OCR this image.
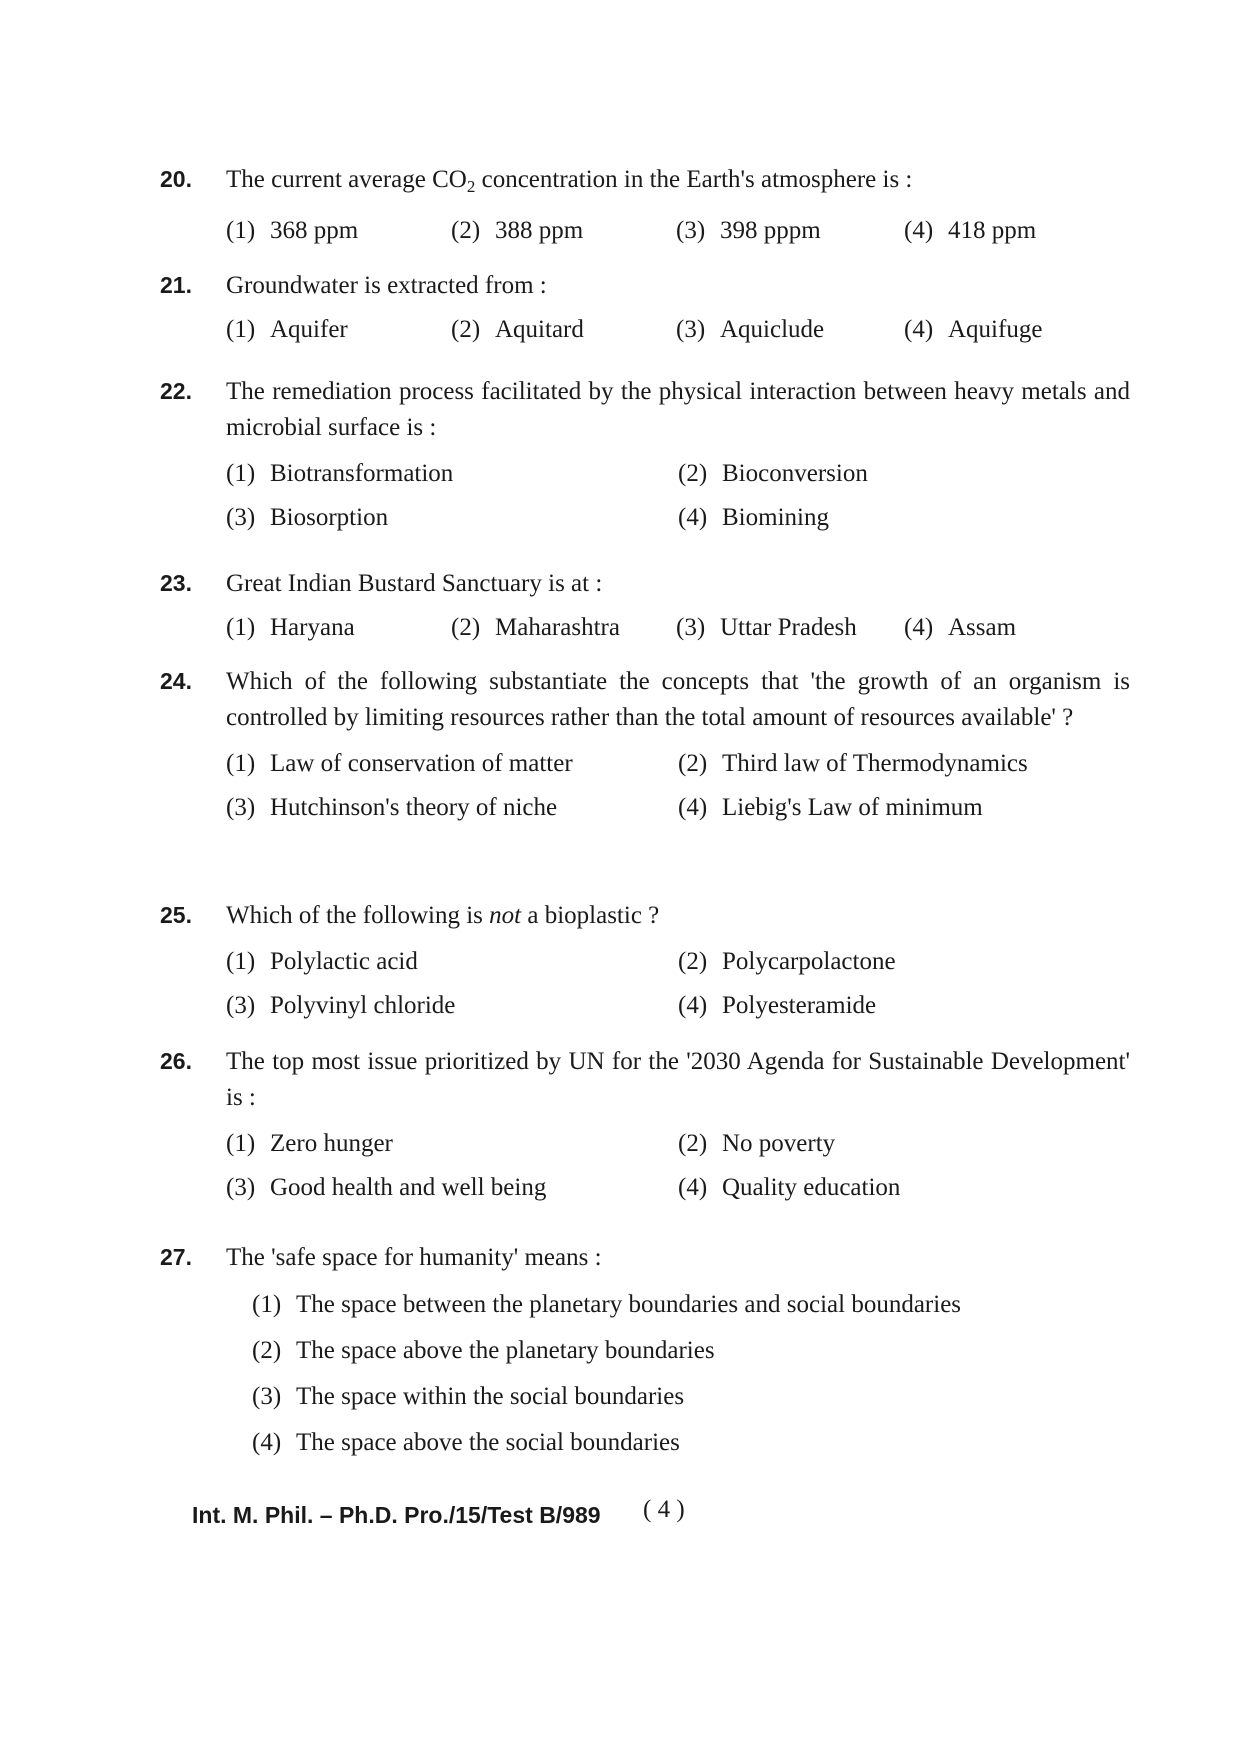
20. The current average $CO_2$ concentration in the Earth's atmosphere is :
(1) 368 ppm	(2) 388 ppm	(3) 398 pppm	(4) 418 ppm
21. Groundwater is extracted from :
(1) Aquifer	(2) Aquitard	(3) Aquiclude	(4) Aquifuge
22. The remediation process facilitated by the physical interaction between heavy metals and microbial surface is :
(1) Biotransformation	(2) Bioconversion
(3) Biosorption	(4) Biomining
23. Great Indian Bustard Sanctuary is at :
(1) Haryana	(2) Maharashtra	(3) Uttar Pradesh	(4) Assam
24. Which of the following substantiate the concepts that 'the growth of an organism is controlled by limiting resources rather than the total amount of resources available' ?
(1) Law of conservation of matter	(2) Third law of Thermodynamics
(3) Hutchinson's theory of niche	(4) Liebig's Law of minimum
25. Which of the following is not a bioplastic ?
(1) Polylactic acid	(2) Polycarpolactone
(3) Polyvinyl chloride	(4) Polyesteramide
26. The top most issue prioritized by UN for the '2030 Agenda for Sustainable Development' is :
(1) Zero hunger	(2) No poverty
(3) Good health and well being	(4) Quality education
27. The 'safe space for humanity' means :
(1) The space between the planetary boundaries and social boundaries
(2) The space above the planetary boundaries
(3) The space within the social boundaries
(4) The space above the social boundaries
Int. M. Phil. – Ph.D. Pro./15/Test B/989 ( 4 )
